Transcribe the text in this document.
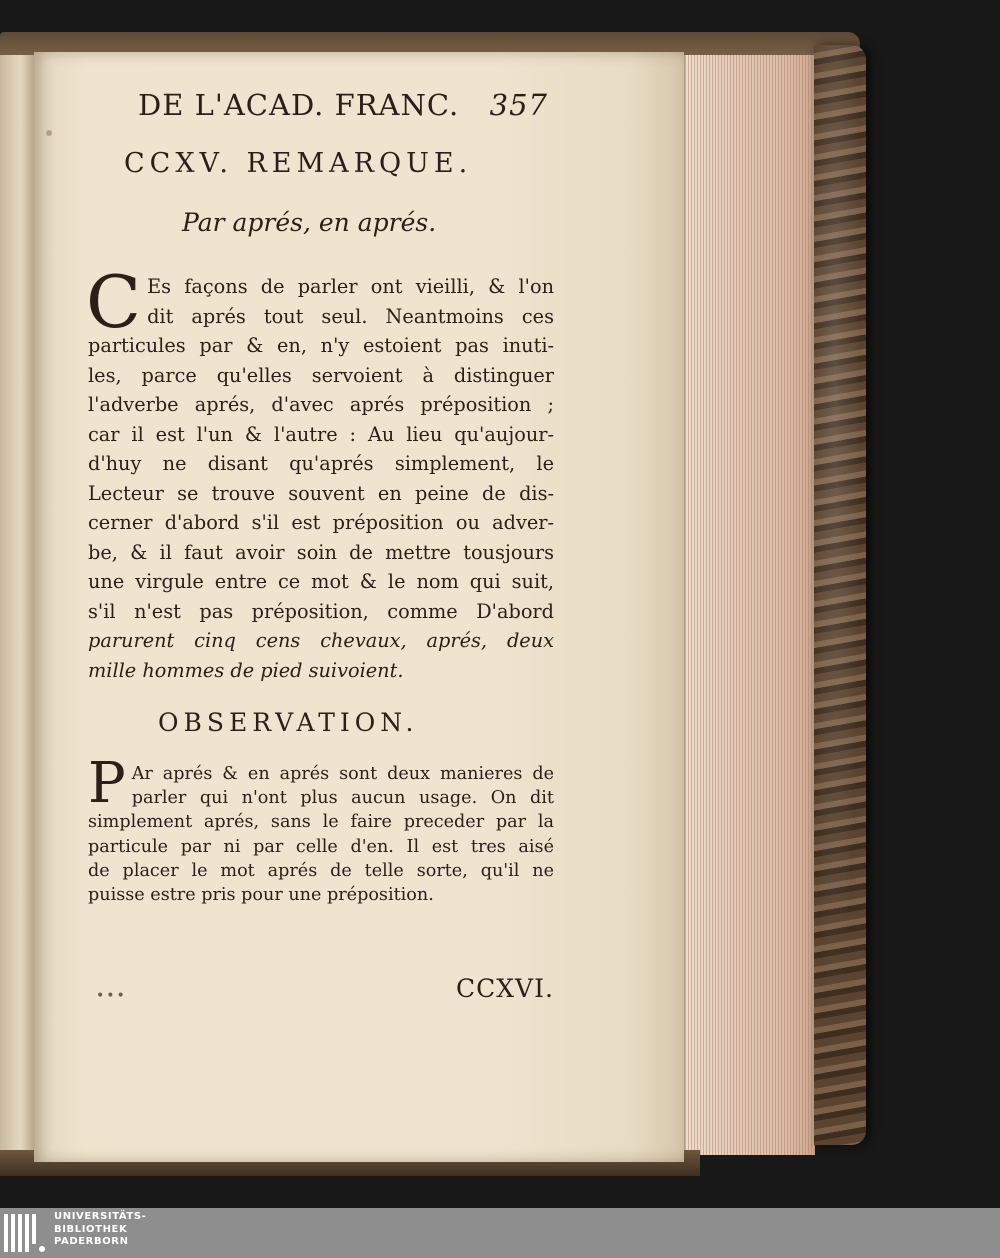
DE L'ACAD. FRANC. 357
CCXV. REMARQUE.
Par aprés, en aprés.
C Es façons de parler ont vieilli, & l'on
dit aprés tout seul. Neantmoins ces
particules par & en, n'y estoient pas inuti-
les, parce qu'elles servoient à distinguer
l'adverbe aprés, d'avec aprés préposition ;
car il est l'un & l'autre : Au lieu qu'aujour-
d'huy ne disant qu'aprés simplement, le
Lecteur se trouve souvent en peine de dis-
cerner d'abord s'il est préposition ou adver-
be, & il faut avoir soin de mettre tousjours
une virgule entre ce mot & le nom qui suit,
s'il n'est pas préposition, comme D'abord
parurent cinq cens chevaux, aprés, deux
mille hommes de pied suivoient.
OBSERVATION.
P Ar aprés & en aprés sont deux manieres de
parler qui n'ont plus aucun usage. On dit
simplement aprés, sans le faire preceder par la
particule par ni par celle d'en. Il est tres aisé
de placer le mot aprés de telle sorte, qu'il ne
puisse estre pris pour une préposition.
•••	CCXVI.
UNIVERSITÄTS-
BIBLIOTHEK
PADERBORN
